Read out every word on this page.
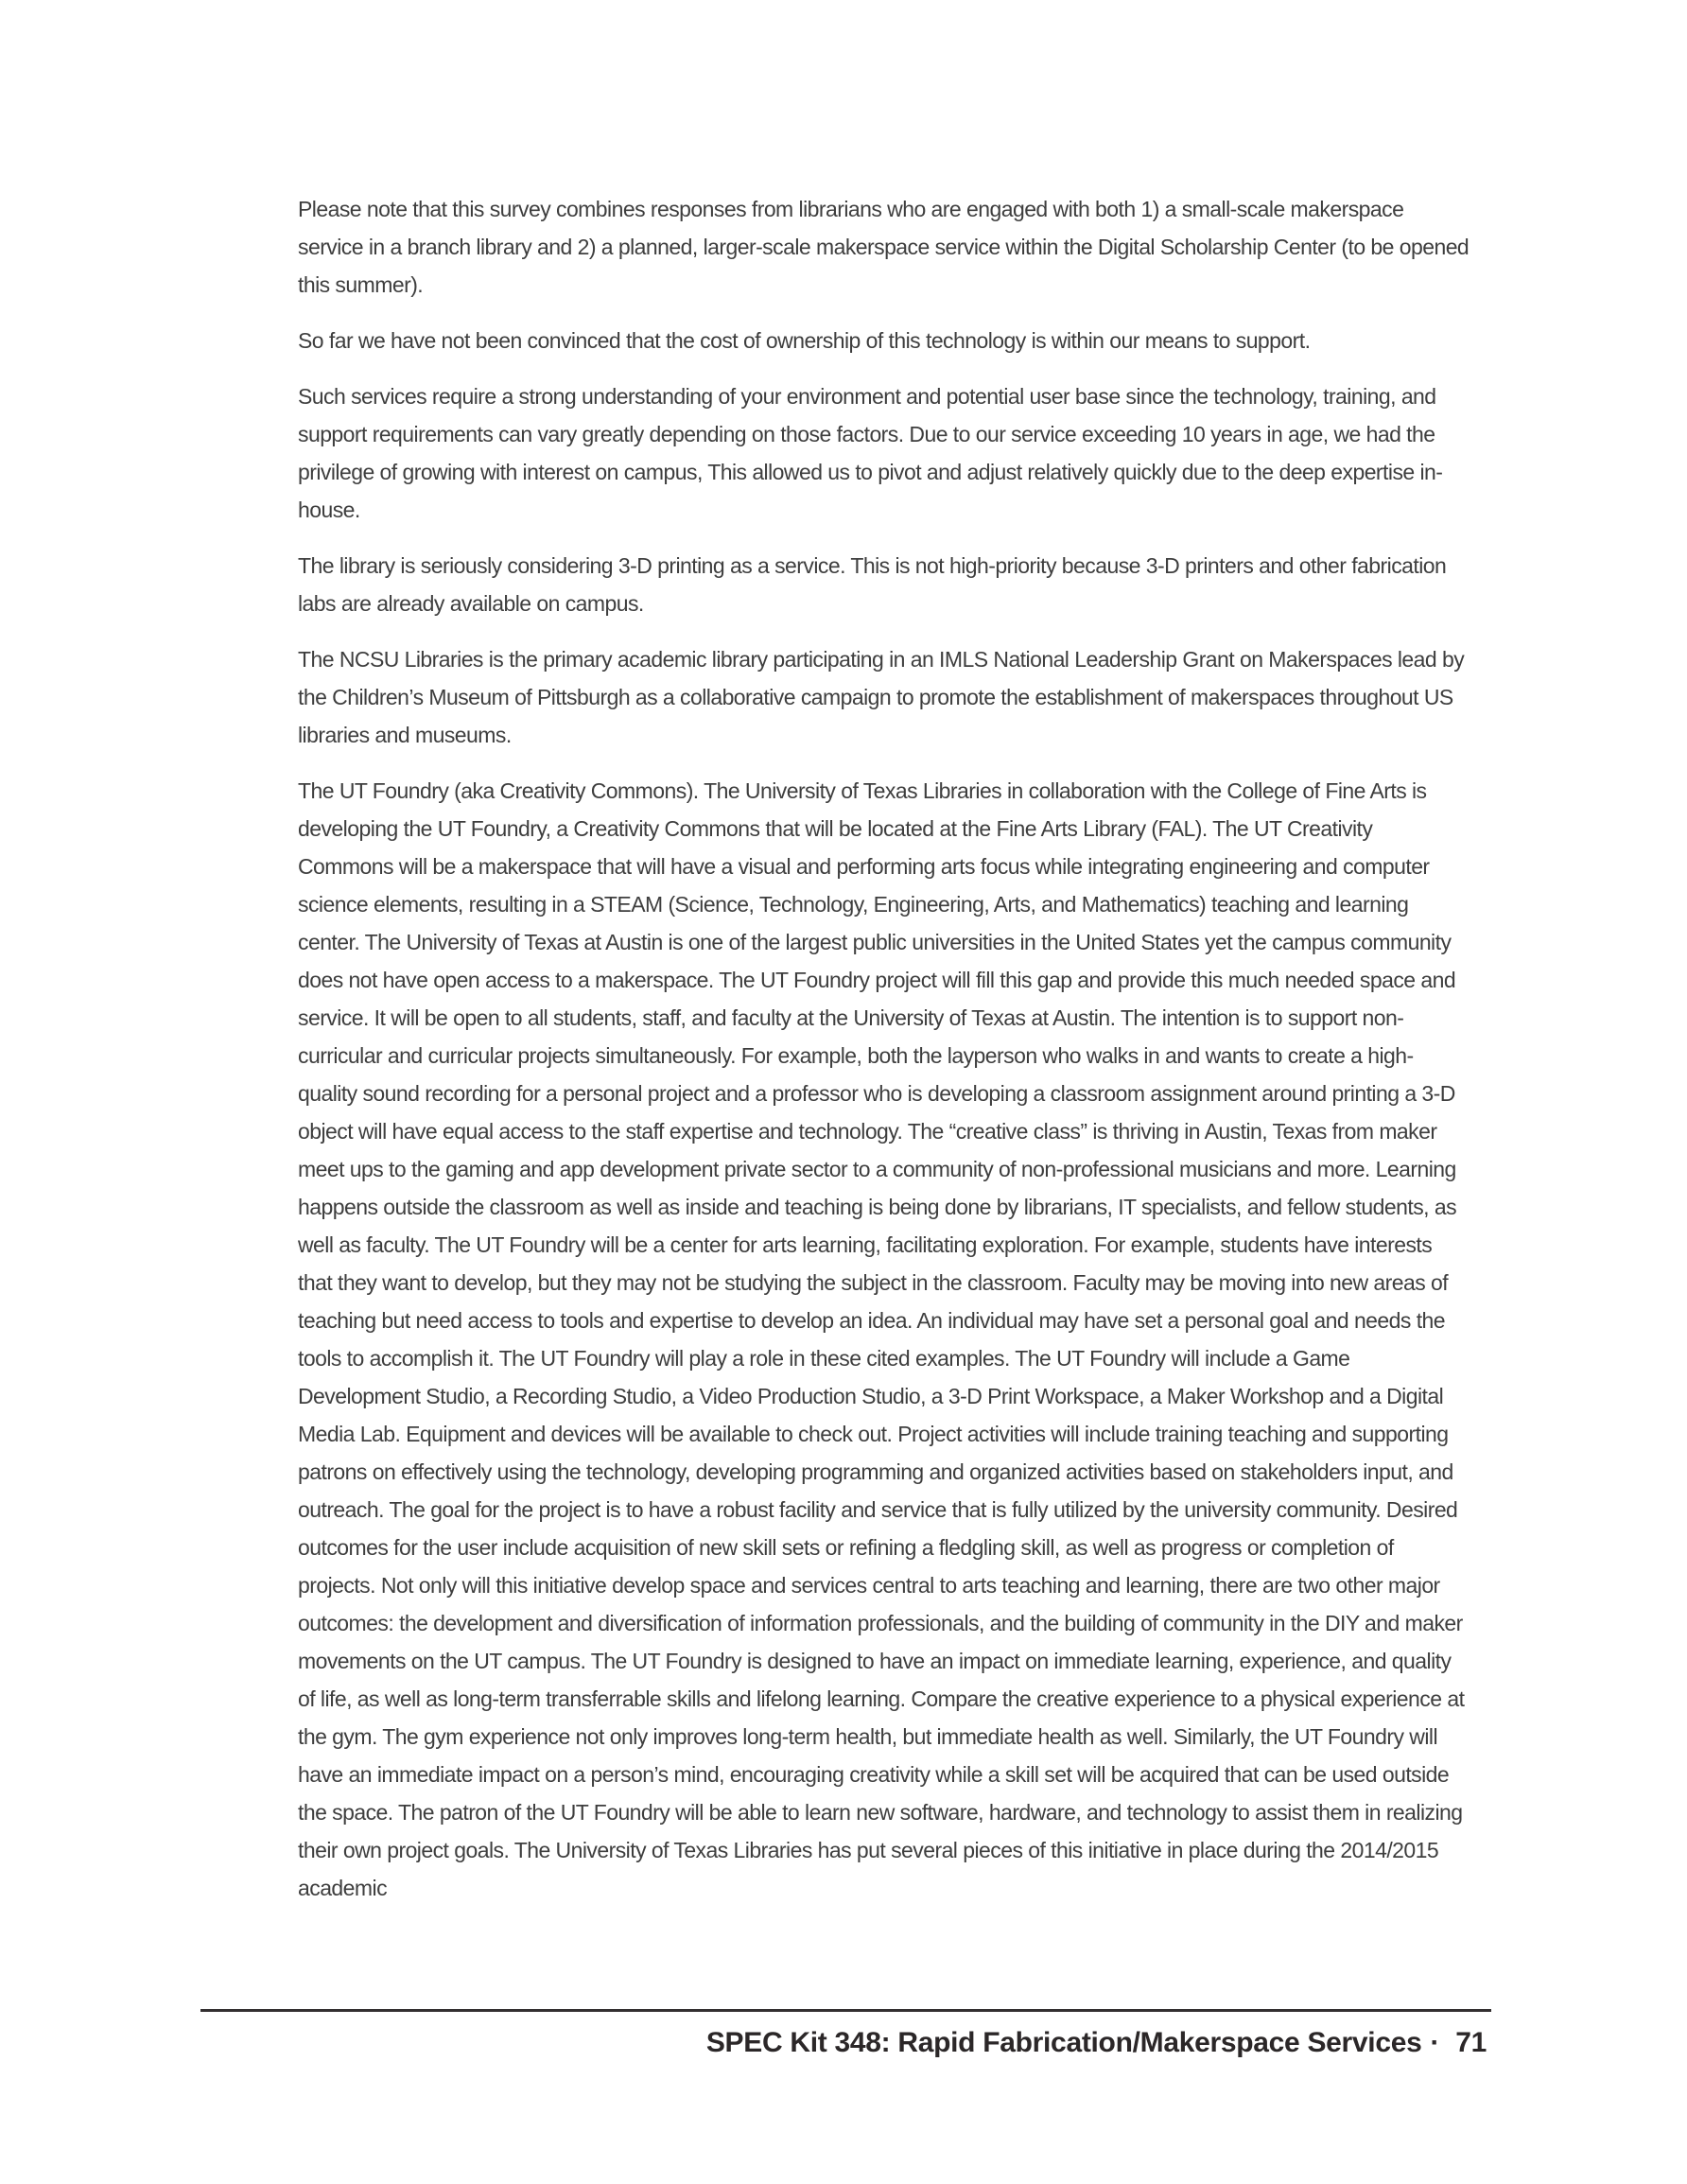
Please note that this survey combines responses from librarians who are engaged with both 1) a small-scale makerspace service in a branch library and 2) a planned, larger-scale makerspace service within the Digital Scholarship Center (to be opened this summer).

So far we have not been convinced that the cost of ownership of this technology is within our means to support.

Such services require a strong understanding of your environment and potential user base since the technology, training, and support requirements can vary greatly depending on those factors. Due to our service exceeding 10 years in age, we had the privilege of growing with interest on campus, This allowed us to pivot and adjust relatively quickly due to the deep expertise in-house.

The library is seriously considering 3-D printing as a service. This is not high-priority because 3-D printers and other fabrication labs are already available on campus.

The NCSU Libraries is the primary academic library participating in an IMLS National Leadership Grant on Makerspaces lead by the Children’s Museum of Pittsburgh as a collaborative campaign to promote the establishment of makerspaces throughout US libraries and museums.

The UT Foundry (aka Creativity Commons). The University of Texas Libraries in collaboration with the College of Fine Arts is developing the UT Foundry, a Creativity Commons that will be located at the Fine Arts Library (FAL). The UT Creativity Commons will be a makerspace that will have a visual and performing arts focus while integrating engineering and computer science elements, resulting in a STEAM (Science, Technology, Engineering, Arts, and Mathematics) teaching and learning center. The University of Texas at Austin is one of the largest public universities in the United States yet the campus community does not have open access to a makerspace. The UT Foundry project will fill this gap and provide this much needed space and service. It will be open to all students, staff, and faculty at the University of Texas at Austin. The intention is to support non-curricular and curricular projects simultaneously. For example, both the layperson who walks in and wants to create a high-quality sound recording for a personal project and a professor who is developing a classroom assignment around printing a 3-D object will have equal access to the staff expertise and technology. The “creative class” is thriving in Austin, Texas from maker meet ups to the gaming and app development private sector to a community of non-professional musicians and more. Learning happens outside the classroom as well as inside and teaching is being done by librarians, IT specialists, and fellow students, as well as faculty. The UT Foundry will be a center for arts learning, facilitating exploration. For example, students have interests that they want to develop, but they may not be studying the subject in the classroom. Faculty may be moving into new areas of teaching but need access to tools and expertise to develop an idea. An individual may have set a personal goal and needs the tools to accomplish it. The UT Foundry will play a role in these cited examples. The UT Foundry will include a Game Development Studio, a Recording Studio, a Video Production Studio, a 3-D Print Workspace, a Maker Workshop and a Digital Media Lab. Equipment and devices will be available to check out. Project activities will include training teaching and supporting patrons on effectively using the technology, developing programming and organized activities based on stakeholders input, and outreach. The goal for the project is to have a robust facility and service that is fully utilized by the university community. Desired outcomes for the user include acquisition of new skill sets or refining a fledgling skill, as well as progress or completion of projects. Not only will this initiative develop space and services central to arts teaching and learning, there are two other major outcomes: the development and diversification of information professionals, and the building of community in the DIY and maker movements on the UT campus. The UT Foundry is designed to have an impact on immediate learning, experience, and quality of life, as well as long-term transferrable skills and lifelong learning. Compare the creative experience to a physical experience at the gym. The gym experience not only improves long-term health, but immediate health as well. Similarly, the UT Foundry will have an immediate impact on a person’s mind, encouraging creativity while a skill set will be acquired that can be used outside the space. The patron of the UT Foundry will be able to learn new software, hardware, and technology to assist them in realizing their own project goals. The University of Texas Libraries has put several pieces of this initiative in place during the 2014/2015 academic

SPEC Kit 348: Rapid Fabrication/Makerspace Services · 71
